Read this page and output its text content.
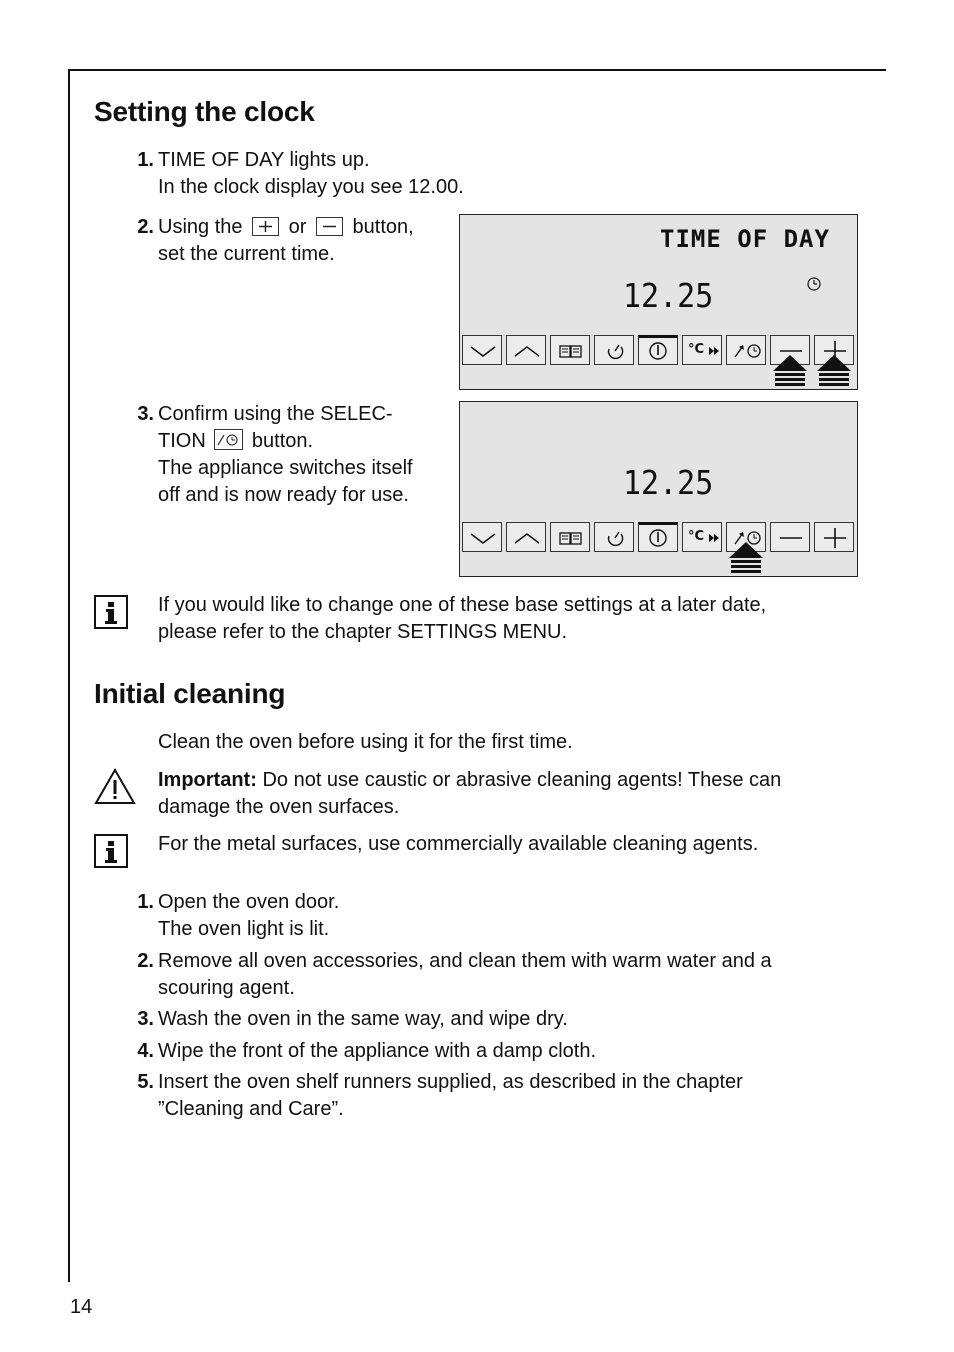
Setting the clock
1. TIME OF DAY lights up.
In the clock display you see 12.00.
2. Using the or button,
set the current time.
TIME OF DAY
12.25
°C
3. Confirm using the SELEC-
TION button.
The appliance switches itself
off and is now ready for use.	12.25
°C
If you would like to change one of these base settings at a later date,
please refer to the chapter SETTINGS MENU.
Initial cleaning
Clean the oven before using it for the first time.
Important: Do not use caustic or abrasive cleaning agents! These can
damage the oven surfaces.
For the metal surfaces, use commercially available cleaning agents.
1. Open the oven door.
The oven light is lit.
2. Remove all oven accessories, and clean them with warm water and a
scouring agent.
3. Wash the oven in the same way, and wipe dry.
4. Wipe the front of the appliance with a damp cloth.
5. Insert the oven shelf runners supplied, as described in the chapter
”Cleaning and Care”.
14
